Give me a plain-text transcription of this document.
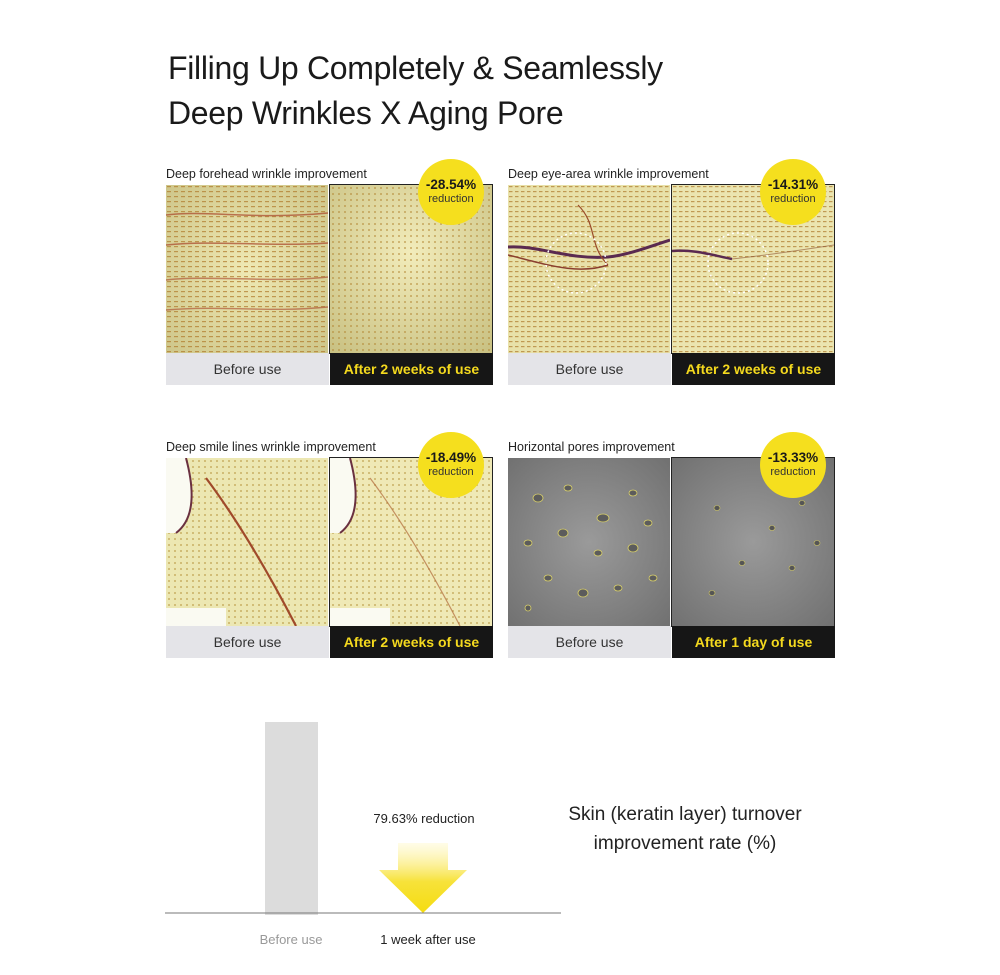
Filling Up Completely & Seamlessly
Deep Wrinkles X Aging Pore
Deep forehead wrinkle improvement
Before use	After 2 weeks of use
-28.54%
reduction
Deep eye-area wrinkle improvement
Before use	After 2 weeks of use
-14.31%
reduction
Deep smile lines wrinkle improvement
Before use	After 2 weeks of use
-18.49%
reduction
Horizontal pores improvement
Before use	After 1 day of use
-13.33%
reduction
79.63% reduction
Before use	1 week after use
Skin (keratin layer) turnover improvement rate (%)
